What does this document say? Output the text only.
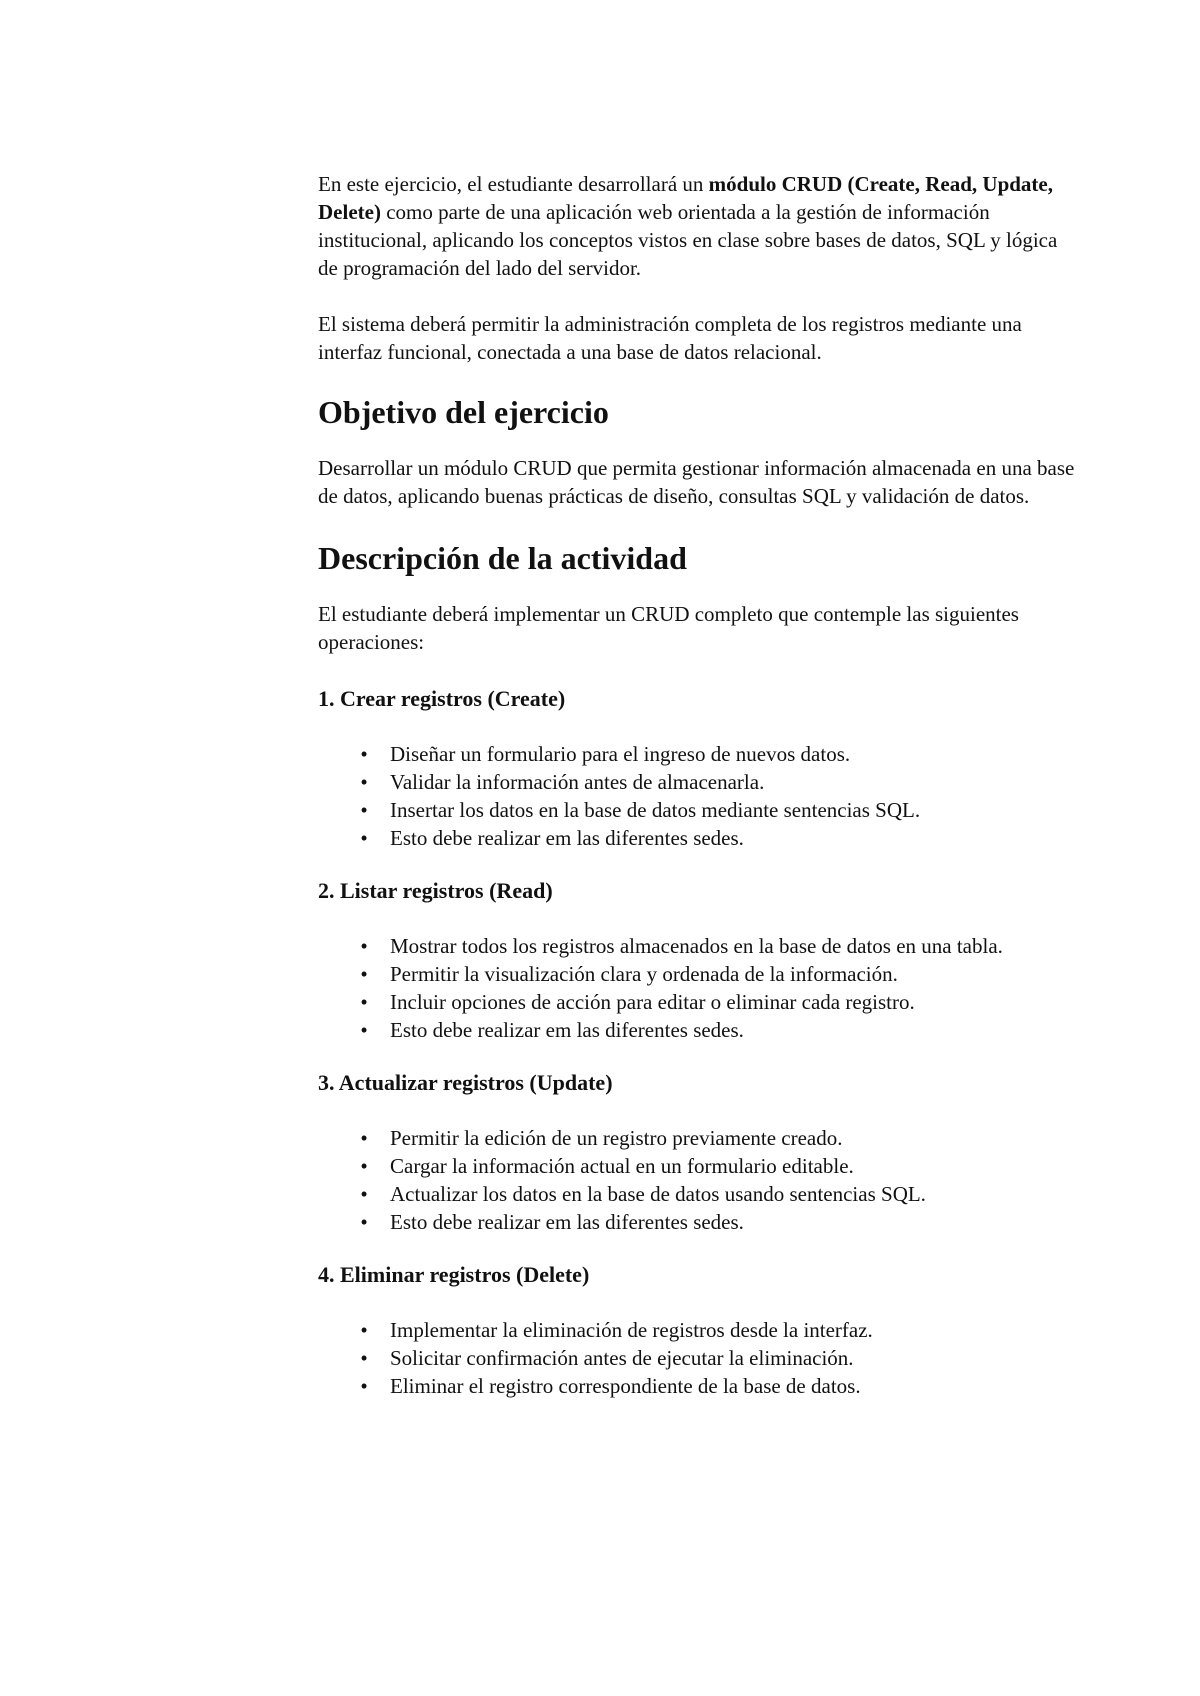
En este ejercicio, el estudiante desarrollará un módulo CRUD (Create, Read, Update, Delete) como parte de una aplicación web orientada a la gestión de información institucional, aplicando los conceptos vistos en clase sobre bases de datos, SQL y lógica de programación del lado del servidor.

El sistema deberá permitir la administración completa de los registros mediante una interfaz funcional, conectada a una base de datos relacional.

Objetivo del ejercicio

Desarrollar un módulo CRUD que permita gestionar información almacenada en una base de datos, aplicando buenas prácticas de diseño, consultas SQL y validación de datos.

Descripción de la actividad

El estudiante deberá implementar un CRUD completo que contemple las siguientes operaciones:

1. Crear registros (Create)
•	Diseñar un formulario para el ingreso de nuevos datos.
•	Validar la información antes de almacenarla.
•	Insertar los datos en la base de datos mediante sentencias SQL.
•	Esto debe realizar em las diferentes sedes.
2. Listar registros (Read)
•	Mostrar todos los registros almacenados en la base de datos en una tabla.
•	Permitir la visualización clara y ordenada de la información.
•	Incluir opciones de acción para editar o eliminar cada registro.
•	Esto debe realizar em las diferentes sedes.
3. Actualizar registros (Update)
•	Permitir la edición de un registro previamente creado.
•	Cargar la información actual en un formulario editable.
•	Actualizar los datos en la base de datos usando sentencias SQL.
•	Esto debe realizar em las diferentes sedes.
4. Eliminar registros (Delete)
•	Implementar la eliminación de registros desde la interfaz.
•	Solicitar confirmación antes de ejecutar la eliminación.
•	Eliminar el registro correspondiente de la base de datos.
